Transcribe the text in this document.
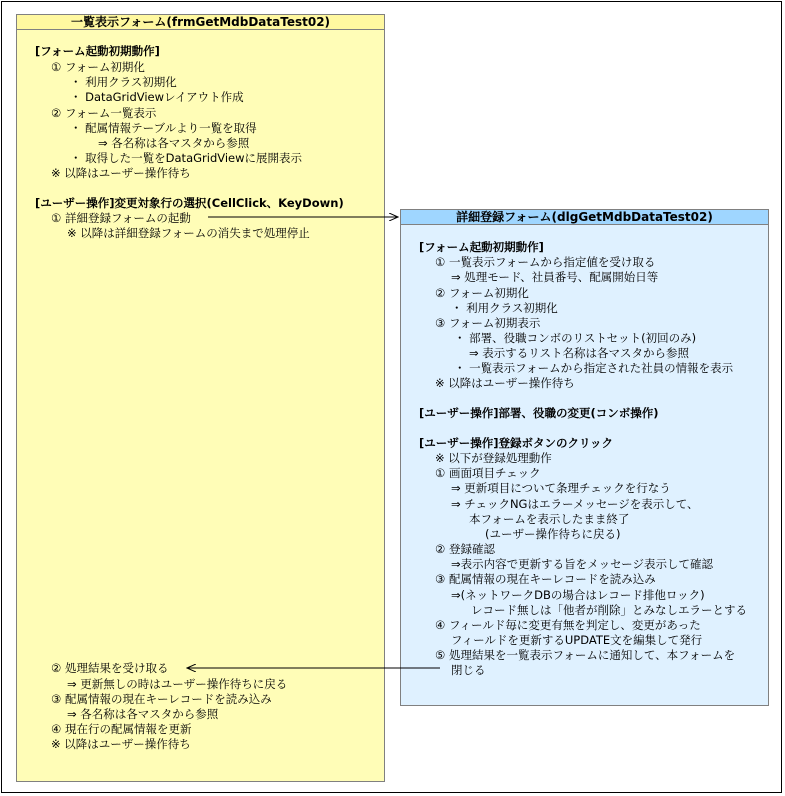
一覧表示フォーム(frmGetMdbDataTest02)
[フォーム起動初期動作]
① フォーム初期化
・ 利用クラス初期化
・ DataGridViewレイアウト作成
② フォーム一覧表示
・ 配属情報テーブルより一覧を取得
⇒ 各名称は各マスタから参照
・ 取得した一覧をDataGridViewに展開表示
※ 以降はユーザー操作待ち
[ユーザー操作]変更対象行の選択(CellClick、KeyDown)
① 詳細登録フォームの起動
※ 以降は詳細登録フォームの消失まで処理停止
② 処理結果を受け取る
⇒ 更新無しの時はユーザー操作待ちに戻る
③ 配属情報の現在キーレコードを読み込み
⇒ 各名称は各マスタから参照
④ 現在行の配属情報を更新
※ 以降はユーザー操作待ち
詳細登録フォーム(dlgGetMdbDataTest02)
[フォーム起動初期動作]
① 一覧表示フォームから指定値を受け取る
⇒ 処理モード、社員番号、配属開始日等
② フォーム初期化
・ 利用クラス初期化
③ フォーム初期表示
・ 部署、役職コンボのリストセット(初回のみ)
⇒ 表示するリスト名称は各マスタから参照
・ 一覧表示フォームから指定された社員の情報を表示
※ 以降はユーザー操作待ち
[ユーザー操作]部署、役職の変更(コンボ操作)
[ユーザー操作]登録ボタンのクリック
※ 以下が登録処理動作
① 画面項目チェック
⇒ 更新項目について条理チェックを行なう
⇒ チェックNGはエラーメッセージを表示して、
本フォームを表示したまま終了
(ユーザー操作待ちに戻る)
② 登録確認
⇒表示内容で更新する旨をメッセージ表示して確認
③ 配属情報の現在キーレコードを読み込み
⇒(ネットワークDBの場合はレコード排他ロック)
レコード無しは「他者が削除」とみなしエラーとする
④ フィールド毎に変更有無を判定し、変更があった
フィールドを更新するUPDATE文を編集して発行
⑤ 処理結果を一覧表示フォームに通知して、本フォームを
閉じる
